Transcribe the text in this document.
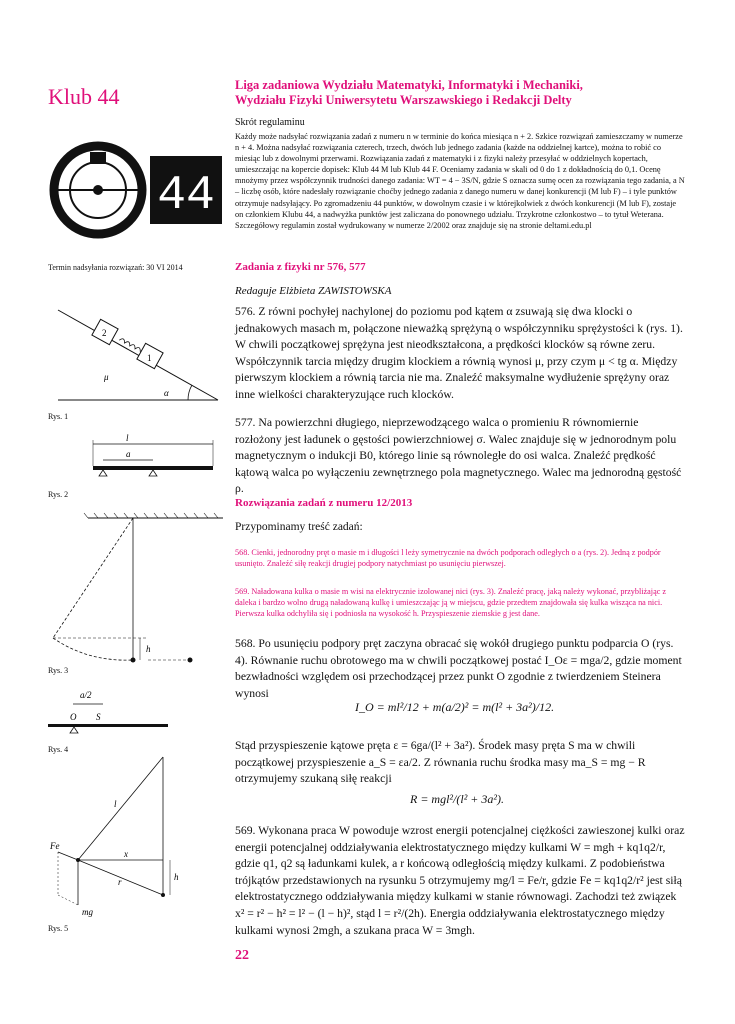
Klub 44	Liga zadaniowa Wydziału Matematyki, Informatyki i Mechaniki,
Wydziału Fizyki Uniwersytetu Warszawskiego i Redakcji Delty
Skrót regulaminu

Każdy może nadsyłać rozwiązania zadań z numeru n w terminie do końca miesiąca n + 2. Szkice rozwiązań zamieszczamy w numerze n + 4. Można nadsyłać rozwiązania czterech, trzech, dwóch lub jednego zadania (każde na oddzielnej kartce), można to robić co miesiąc lub z dowolnymi przerwami. Rozwiązania zadań z matematyki i z fizyki należy przesyłać w oddzielnych kopertach, umieszczając na kopercie dopisek: Klub 44 M lub Klub 44 F. Oceniamy zadania w skali od 0 do 1 z dokładnością do 0,1. Ocenę mnożymy przez współczynnik trudności danego zadania: WT = 4 − 3S/N, gdzie S oznacza sumę ocen za rozwiązania tego zadania, a N – liczbę osób, które nadesłały rozwiązanie choćby jednego zadania z danego numeru w danej konkurencji (M lub F) – i tyle punktów otrzymuje nadsyłający. Po zgromadzeniu 44 punktów, w dowolnym czasie i w którejkolwiek z dwóch konkurencji (M lub F), zostaje on członkiem Klubu 44, a nadwyżka punktów jest zaliczana do ponownego udziału. Trzykrotne członkostwo – to tytuł Weterana. Szczegółowy regulamin został wydrukowany w numerze 2/2002 oraz znajduje się na stronie deltami.edu.pl

44
Termin nadsyłania rozwiązań: 30 VI 2014	Zadania z fizyki nr 576, 577
Redaguje Elżbieta ZAWISTOWSKA

576. Z równi pochyłej nachylonej do poziomu pod kątem α zsuwają się dwa klocki o jednakowych masach m, połączone nieważką sprężyną o współczynniku sprężystości k (rys. 1). W chwili początkowej sprężyna jest nieodkształcona, a prędkości klocków są równe zeru. Współczynnik tarcia między drugim klockiem a równią wynosi μ, przy czym μ < tg α. Między pierwszym klockiem a równią tarcia nie ma. Znaleźć maksymalne wydłużenie sprężyny oraz inne wielkości charakteryzujące ruch klocków.

577. Na powierzchni długiego, nieprzewodzącego walca o promieniu R równomiernie rozłożony jest ładunek o gęstości powierzchniowej σ. Walec znajduje się w jednorodnym polu magnetycznym o indukcji B0, którego linie są równoległe do osi walca. Znaleźć prędkość kątową walca po wyłączeniu zewnętrznego pola magnetycznego. Walec ma jednorodną gęstość ρ.

Rozwiązania zadań z numeru 12/2013
Przypominamy treść zadań:

568. Cienki, jednorodny pręt o masie m i długości l leży symetrycznie na dwóch podporach odległych o a (rys. 2). Jedną z podpór usunięto. Znaleźć siłę reakcji drugiej podpory natychmiast po usunięciu pierwszej.

569. Naładowana kulka o masie m wisi na elektrycznie izolowanej nici (rys. 3). Znaleźć pracę, jaką należy wykonać, przybliżając z daleka i bardzo wolno drugą naładowaną kulkę i umieszczając ją w miejscu, gdzie przedtem znajdowała się kulka wisząca na nici. Pierwsza kulka odchyliła się i podniosła na wysokość h. Przyspieszenie ziemskie g jest dane.

568. Po usunięciu podpory pręt zaczyna obracać się wokół drugiego punktu podparcia O (rys. 4). Równanie ruchu obrotowego ma w chwili początkowej postać I_Oε = mga/2, gdzie moment bezwładności względem osi przechodzącej przez punkt O zgodnie z twierdzeniem Steinera wynosi

I_O = ml²/12 + m(a/2)² = m(l² + 3a²)/12.

Stąd przyspieszenie kątowe pręta ε = 6ga/(l² + 3a²). Środek masy pręta S ma w chwili początkowej przyspieszenie a_S = εa/2. Z równania ruchu środka masy ma_S = mg − R otrzymujemy szukaną siłę reakcji

R = mgl²/(l² + 3a²).

569. Wykonana praca W powoduje wzrost energii potencjalnej ciężkości zawieszonej kulki oraz energii potencjalnej oddziaływania elektrostatycznego między kulkami W = mgh + kq1q2/r, gdzie q1, q2 są ładunkami kulek, a r końcową odległością między kulkami. Z podobieństwa trójkątów przedstawionych na rysunku 5 otrzymujemy mg/l = Fe/r, gdzie Fe = kq1q2/r² jest siłą elektrostatycznego oddziaływania między kulkami w stanie równowagi. Zachodzi też związek x² = r² − h² = l² − (l − h)², stąd l = r²/(2h). Energia oddziaływania elektrostatycznego między kulkami wynosi 2mgh, a szukana praca W = 3mgh.

22
2
1
μ
α
Rys. 1
l
a
Rys. 2
h
Rys. 3
a/2
O S
Rys. 4
l
x
r	h
Fe
mg
Rys. 5
